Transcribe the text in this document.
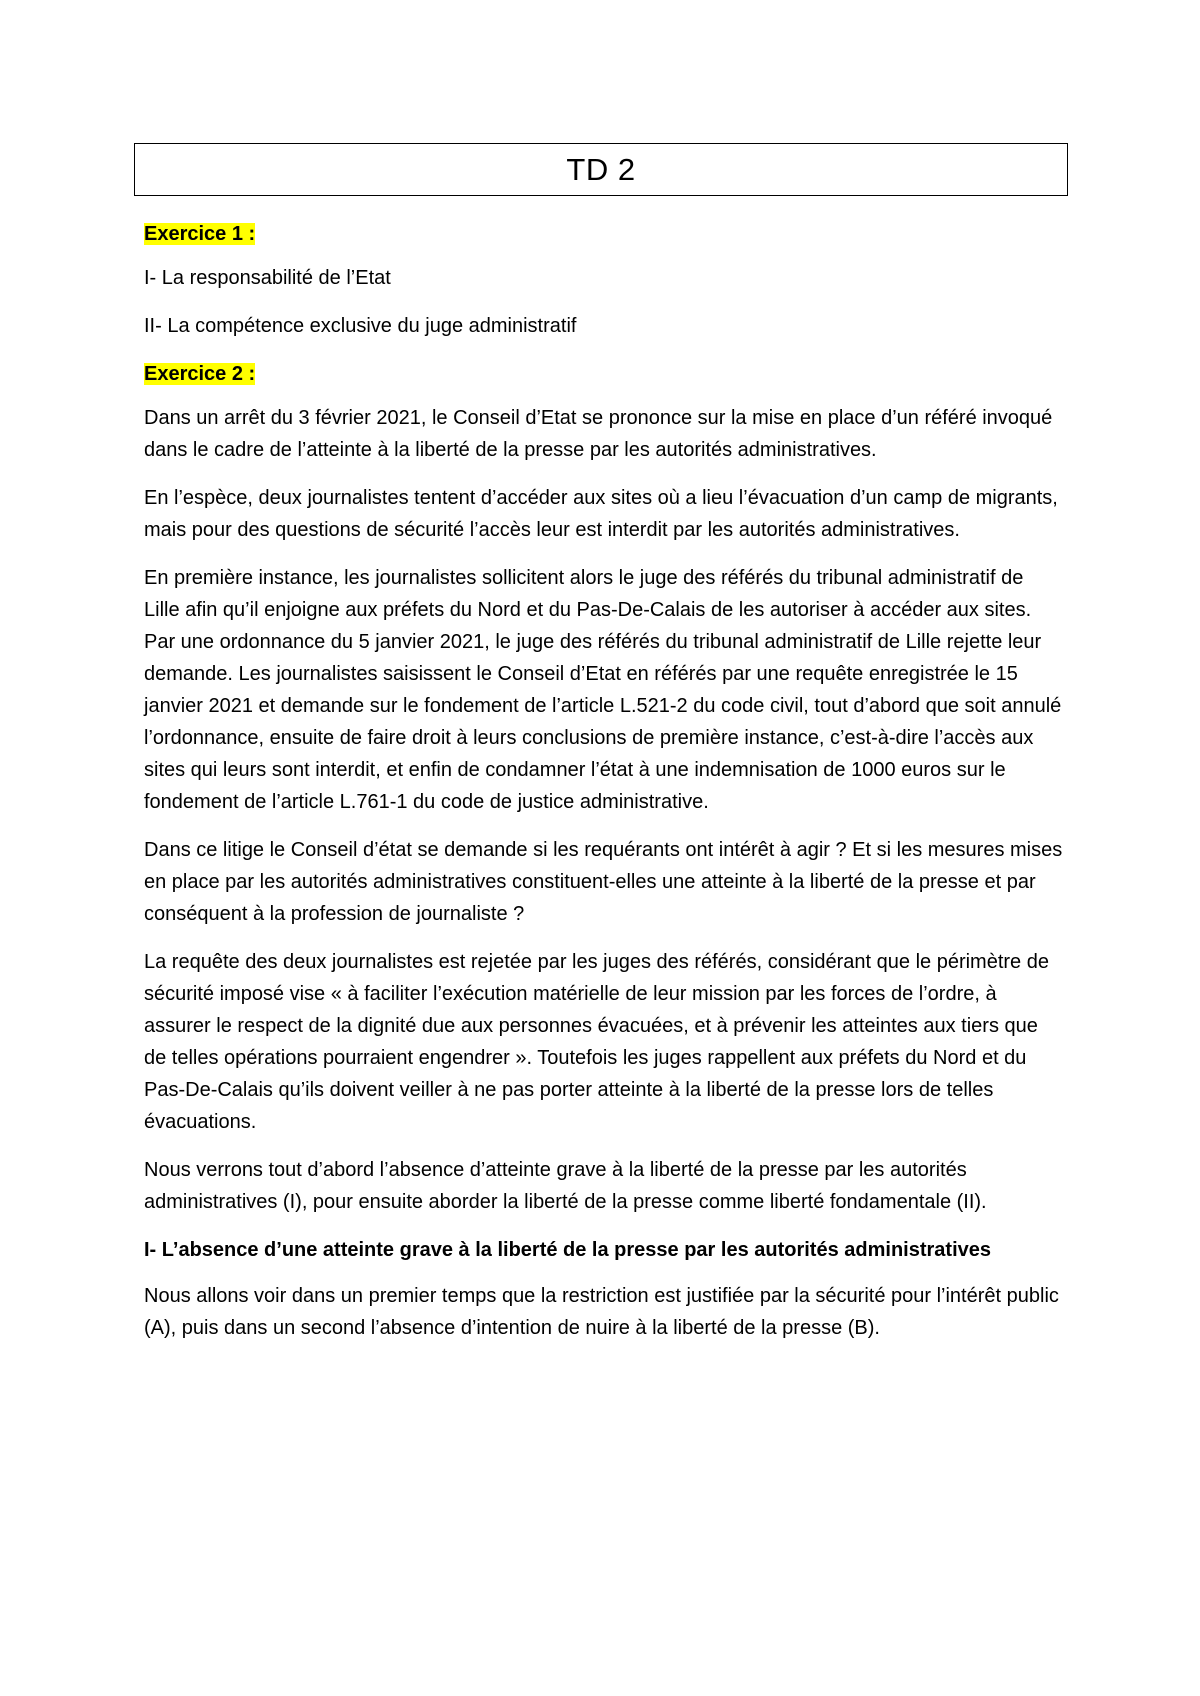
TD 2

Exercice 1 :

I- La responsabilité de l’Etat

II- La compétence exclusive du juge administratif

Exercice 2 :

Dans un arrêt du 3 février 2021, le Conseil d’Etat se prononce sur la mise en place d’un référé invoqué dans le cadre de l’atteinte à la liberté de la presse par les autorités administratives.

En l’espèce, deux journalistes tentent d’accéder aux sites où a lieu l’évacuation d’un camp de migrants, mais pour des questions de sécurité l’accès leur est interdit par les autorités administratives.

En première instance, les journalistes sollicitent alors le juge des référés du tribunal administratif de Lille afin qu’il enjoigne aux préfets du Nord et du Pas-De-Calais de les autoriser à accéder aux sites. Par une ordonnance du 5 janvier 2021, le juge des référés du tribunal administratif de Lille rejette leur demande. Les journalistes saisissent le Conseil d’Etat en référés par une requête enregistrée le 15 janvier 2021 et demande sur le fondement de l’article L.521-2 du code civil, tout d’abord que soit annulé l’ordonnance, ensuite de faire droit à leurs conclusions de première instance, c’est-à-dire l’accès aux sites qui leurs sont interdit, et enfin de condamner l’état à une indemnisation de 1000 euros sur le fondement de l’article L.761-1 du code de justice administrative.

Dans ce litige le Conseil d’état se demande si les requérants ont intérêt à agir ? Et si les mesures mises en place par les autorités administratives constituent-elles une atteinte à la liberté de la presse et par conséquent à la profession de journaliste ?

La requête des deux journalistes est rejetée par les juges des référés, considérant que le périmètre de sécurité imposé vise « à faciliter l’exécution matérielle de leur mission par les forces de l’ordre, à assurer le respect de la dignité due aux personnes évacuées, et à prévenir les atteintes aux tiers que de telles opérations pourraient engendrer ». Toutefois les juges rappellent aux préfets du Nord et du Pas-De-Calais qu’ils doivent veiller à ne pas porter atteinte à la liberté de la presse lors de telles évacuations.

Nous verrons tout d’abord l’absence d’atteinte grave à la liberté de la presse par les autorités administratives (I), pour ensuite aborder la liberté de la presse comme liberté fondamentale (II).

I- L’absence d’une atteinte grave à la liberté de la presse par les autorités administratives

Nous allons voir dans un premier temps que la restriction est justifiée par la sécurité pour l’intérêt public (A), puis dans un second l’absence d’intention de nuire à la liberté de la presse (B).
